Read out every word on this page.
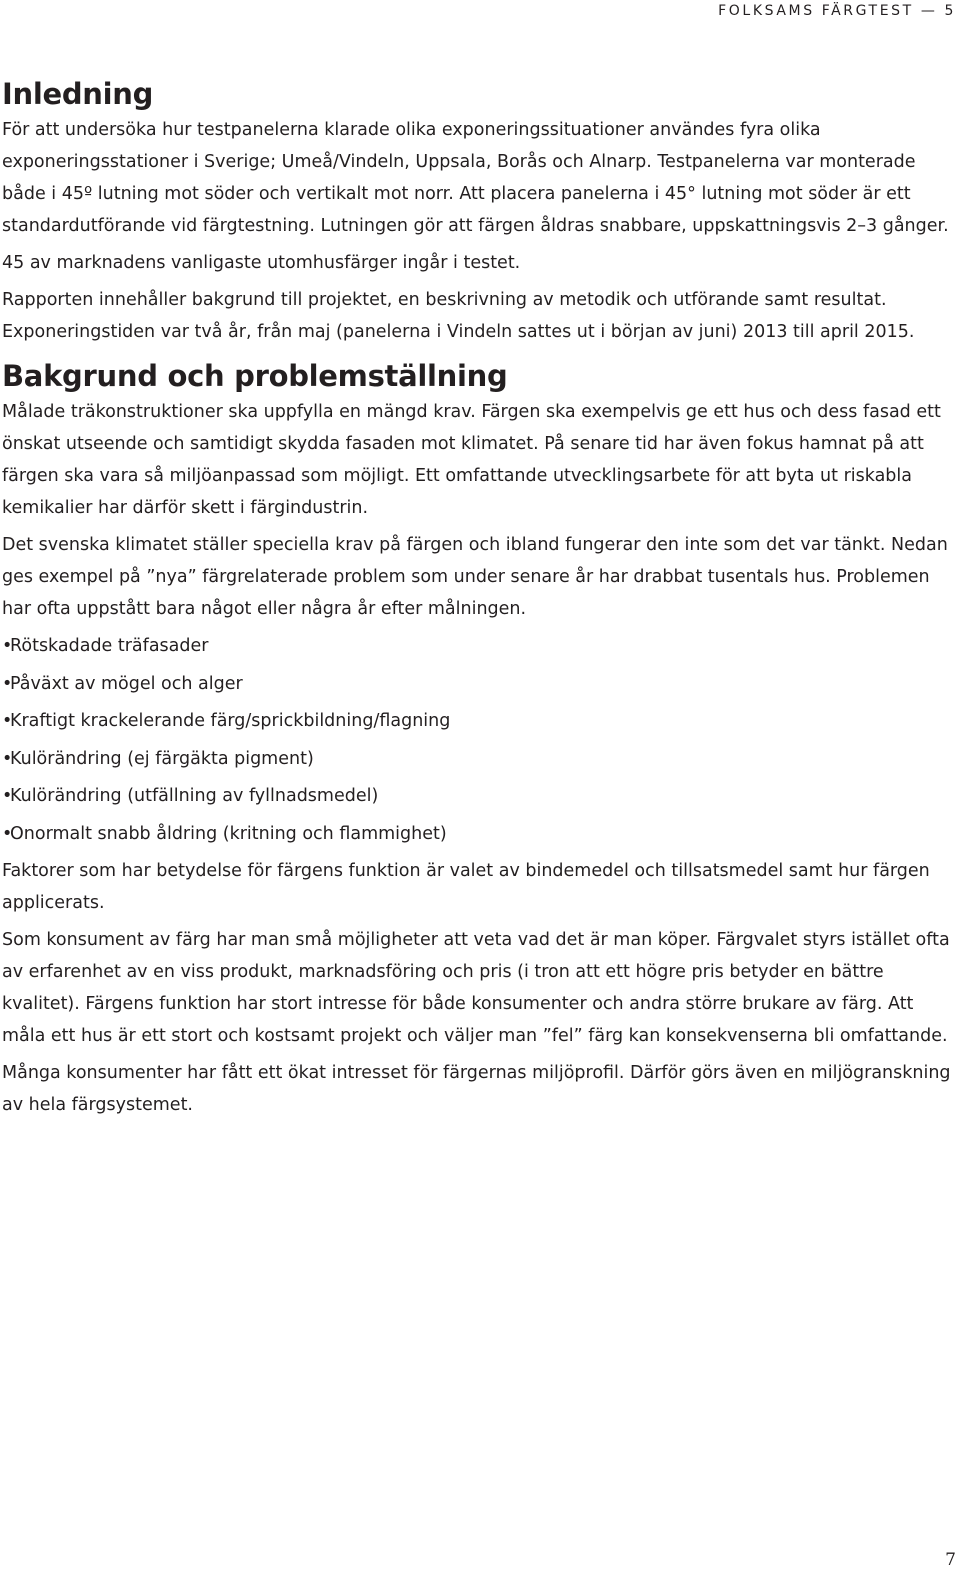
FOLKSAMS FÄRGTEST — 5
Inledning

För att undersöka hur testpanelerna klarade olika exponeringssituationer användes fyra olika exponeringsstationer i Sverige; Umeå/Vindeln, Uppsala, Borås och Alnarp. Testpanelerna var monterade både i 45º lutning mot söder och vertikalt mot norr. Att placera panelerna i 45° lutning mot söder är ett standardutförande vid färgtestning. Lutningen gör att färgen åldras snabbare, uppskattningsvis 2–3 gånger.

45 av marknadens vanligaste utomhusfärger ingår i testet.

Rapporten innehåller bakgrund till projektet, en beskrivning av metodik och utförande samt resultat. Exponeringstiden var två år, från maj (panelerna i Vindeln sattes ut i början av juni) 2013 till april 2015.

Bakgrund och problemställning

Målade träkonstruktioner ska uppfylla en mängd krav. Färgen ska exempelvis ge ett hus och dess fasad ett önskat utseende och samtidigt skydda fasaden mot klimatet. På senare tid har även fokus hamnat på att färgen ska vara så miljöanpassad som möjligt. Ett omfattande utvecklingsarbete för att byta ut riskabla kemikalier har därför skett i färgindustrin.

Det svenska klimatet ställer speciella krav på färgen och ibland fungerar den inte som det var tänkt. Nedan ges exempel på ”nya” färgrelaterade problem som under senare år har drabbat tusentals hus. Problemen har ofta uppstått bara något eller några år efter målningen.

•Rötskadade träfasader
•Påväxt av mögel och alger
•Kraftigt krackelerande färg/sprickbildning/flagning
•Kulörändring (ej färgäkta pigment)
•Kulörändring (utfällning av fyllnadsmedel)
•Onormalt snabb åldring (kritning och flammighet)

Faktorer som har betydelse för färgens funktion är valet av bindemedel och tillsatsmedel samt hur färgen applicerats.

Som konsument av färg har man små möjligheter att veta vad det är man köper. Färgvalet styrs istället ofta av erfarenhet av en viss produkt, marknadsföring och pris (i tron att ett högre pris betyder en bättre kvalitet). Färgens funktion har stort intresse för både konsumenter och andra större brukare av färg. Att måla ett hus är ett stort och kostsamt projekt och väljer man ”fel” färg kan konsekvenserna bli omfattande.

Många konsumenter har fått ett ökat intresset för färgernas miljöprofil. Därför görs även en miljögranskning av hela färgsystemet.

7
